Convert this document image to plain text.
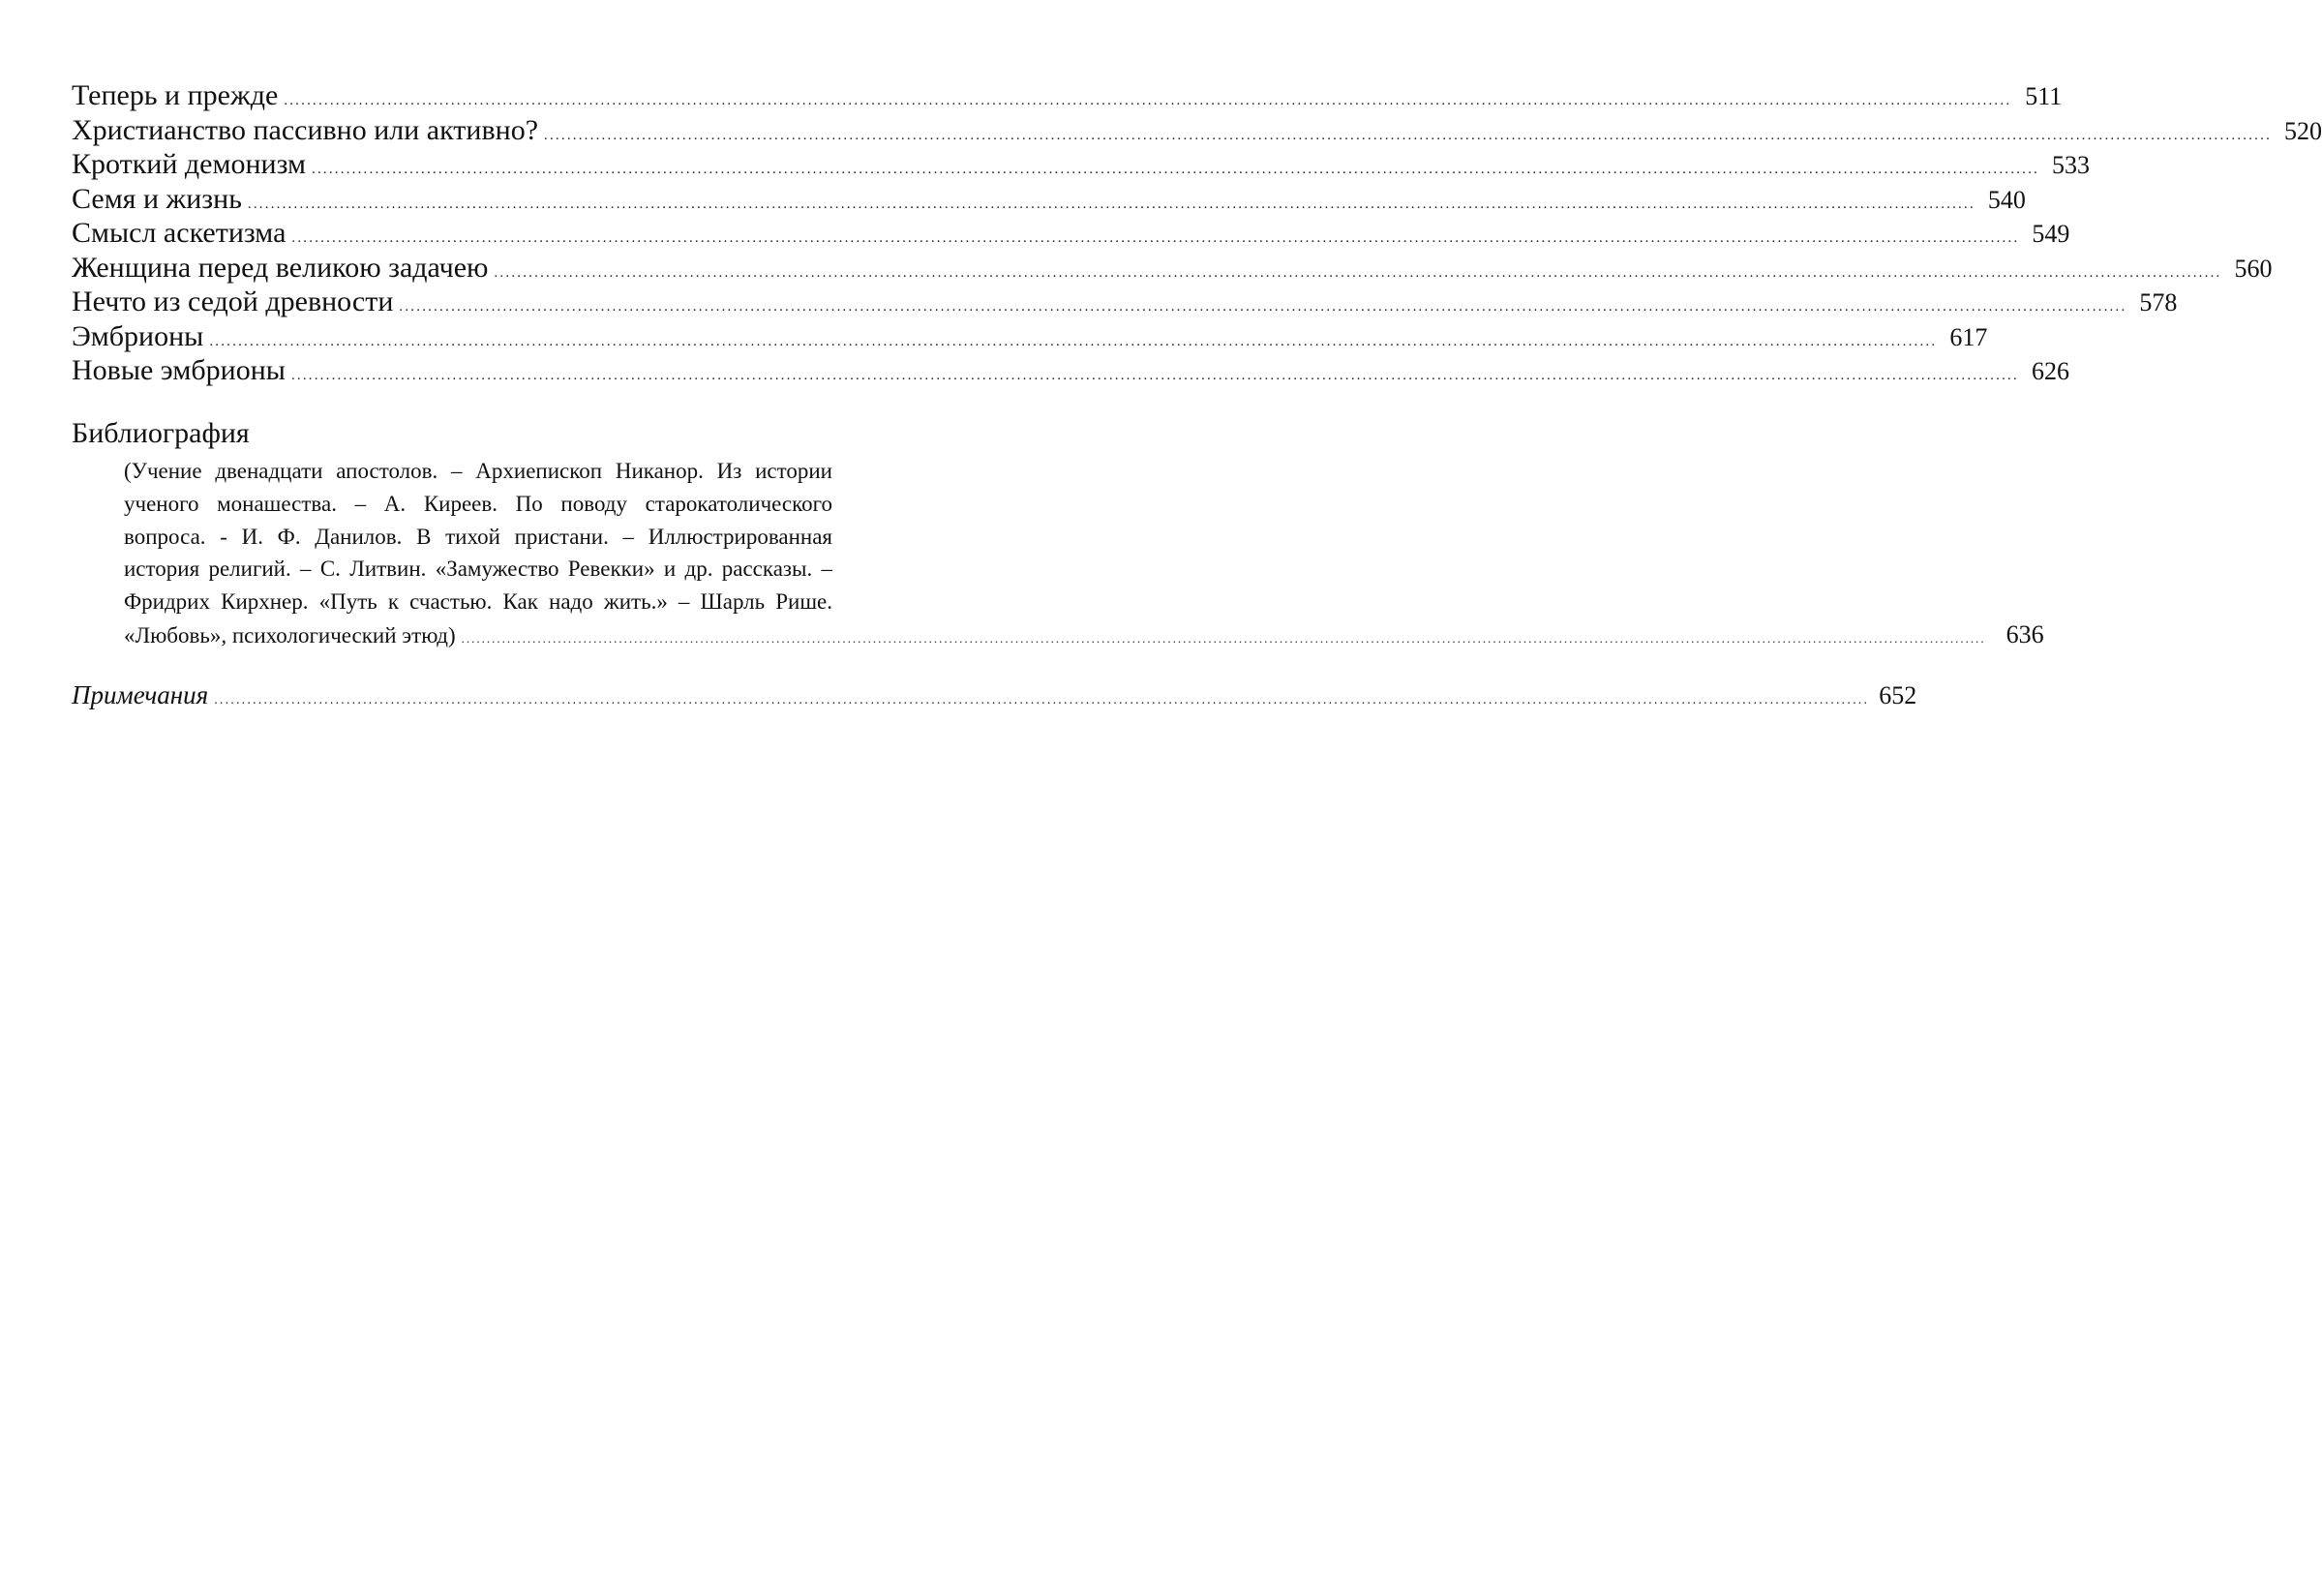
Теперь и прежде ............................................................................................................................................................................................................................................................................................................ 511
Христианство пассивно или активно? ............................................................................................................................................................................................................................................................................................................ 520
Кроткий демонизм ............................................................................................................................................................................................................................................................................................................ 533
Семя и жизнь ............................................................................................................................................................................................................................................................................................................ 540
Смысл аскетизма ............................................................................................................................................................................................................................................................................................................ 549
Женщина перед великою задачею ............................................................................................................................................................................................................................................................................................................ 560
Нечто из седой древности ............................................................................................................................................................................................................................................................................................................ 578
Эмбрионы ............................................................................................................................................................................................................................................................................................................ 617
Новые эмбрионы ............................................................................................................................................................................................................................................................................................................ 626
Библиография
(Учение двенадцати апостолов. – Архиепископ Никанор. Из истории
ученого монашества. – А. Киреев. По поводу старокатолического
вопроса. - И. Ф. Данилов. В тихой пристани. – Иллюстрированная
история религий. – С. Литвин. «Замужество Ревекки» и др. рассказы. –
Фридрих Кирхнер. «Путь к счастью. Как надо жить.» – Шарль Рише.
«Любовь», психологический этюд) ............................................................................................................................................................................................................................................................................................................ 636
Примечания ............................................................................................................................................................................................................................................................................................................ 652
